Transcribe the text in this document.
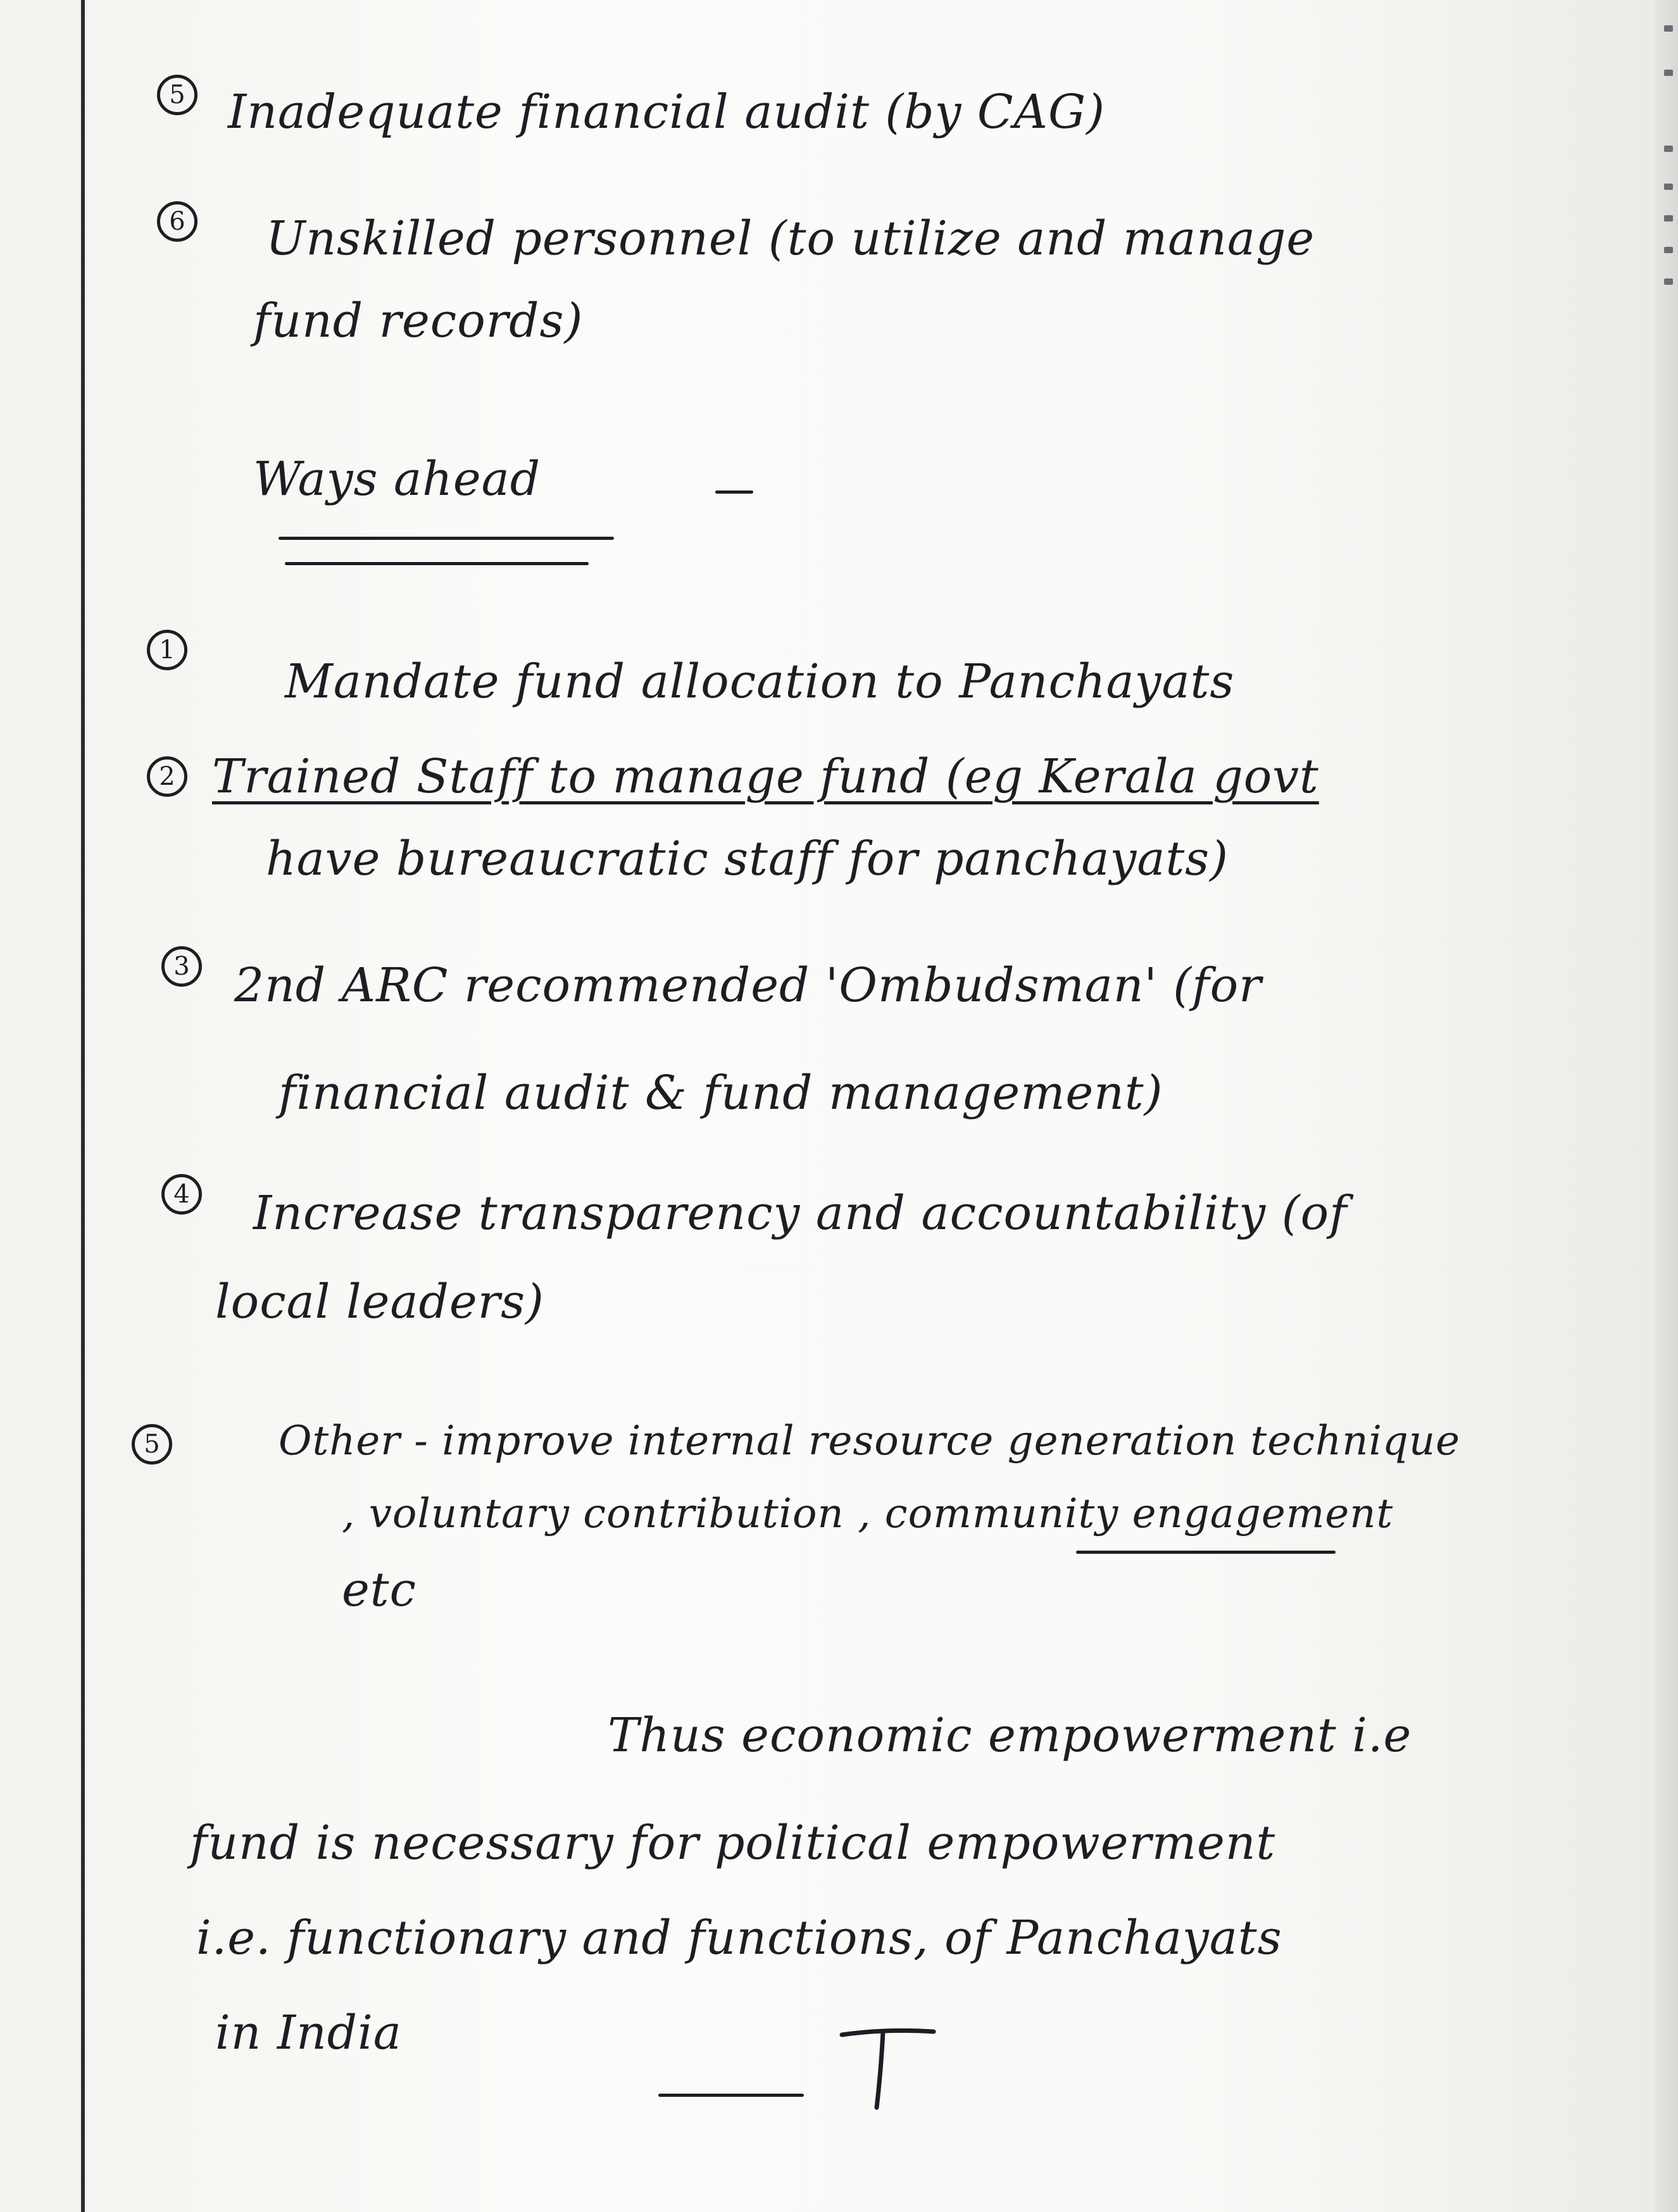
5 Inadequate financial audit (by CAG)
6 Unskilled personnel (to utilize and manage
fund records)
Ways ahead
1
Mandate fund allocation to Panchayats
2 Trained Staff to manage fund (eg Kerala govt
have bureaucratic staff for panchayats)
3 2nd ARC recommended 'Ombudsman' (for
financial audit & fund management)
4 Increase transparency and accountability (of
local leaders)
5	Other - improve internal resource generation technique
, voluntary contribution , community engagement
etc
Thus economic empowerment i.e
fund is necessary for political empowerment
i.e. functionary and functions, of Panchayats
in India
